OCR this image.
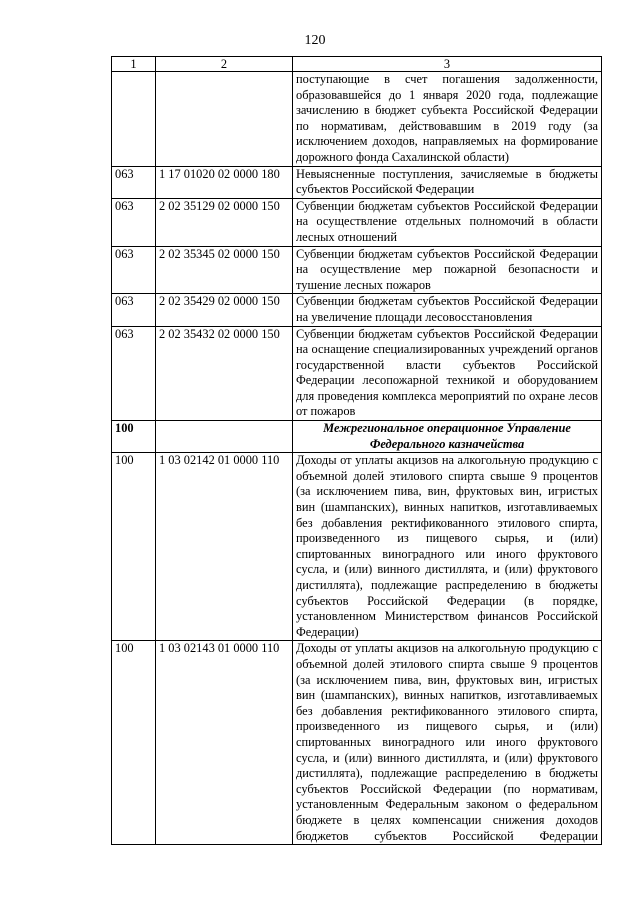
120
1	2	3
		поступающие в счет погашения задолженности, образовавшейся до 1 января 2020 года, подлежащие зачислению в бюджет субъекта Российской Федерации по нормативам, действовавшим в 2019 году (за исключением доходов, направляемых на формирование дорожного фонда Сахалинской области)
063	1 17 01020 02 0000 180	Невыясненные поступления, зачисляемые в бюджеты субъектов Российской Федерации
063	2 02 35129 02 0000 150	Субвенции бюджетам субъектов Российской Федерации на осуществление отдельных полномочий в области лесных отношений
063	2 02 35345 02 0000 150	Субвенции бюджетам субъектов Российской Федерации на осуществление мер пожарной безопасности и тушение лесных пожаров
063	2 02 35429 02 0000 150	Субвенции бюджетам субъектов Российской Федерации на увеличение площади лесовосстановления
063	2 02 35432 02 0000 150	Субвенции бюджетам субъектов Российской Федерации на оснащение специализированных учреждений органов государственной власти субъектов Российской Федерации лесопожарной техникой и оборудованием для проведения комплекса мероприятий по охране лесов от пожаров
100		Межрегиональное операционное Управление Федерального казначейства
100	1 03 02142 01 0000 110	Доходы от уплаты акцизов на алкогольную продукцию с объемной долей этилового спирта свыше 9 процентов (за исключением пива, вин, фруктовых вин, игристых вин (шампанских), винных напитков, изготавливаемых без добавления ректификованного этилового спирта, произведенного из пищевого сырья, и (или) спиртованных виноградного или иного фруктового сусла, и (или) винного дистиллята, и (или) фруктового дистиллята), подлежащие распределению в бюджеты субъектов Российской Федерации (в порядке, установленном Министерством финансов Российской Федерации)
100	1 03 02143 01 0000 110	Доходы от уплаты акцизов на алкогольную продукцию с объемной долей этилового спирта свыше 9 процентов (за исключением пива, вин, фруктовых вин, игристых вин (шампанских), винных напитков, изготавливаемых без добавления ректификованного этилового спирта, произведенного из пищевого сырья, и (или) спиртованных виноградного или иного фруктового сусла, и (или) винного дистиллята, и (или) фруктового дистиллята), подлежащие распределению в бюджеты субъектов Российской Федерации (по нормативам, установленным Федеральным законом о федеральном бюджете в целях компенсации снижения доходов бюджетов субъектов Российской Федерации
